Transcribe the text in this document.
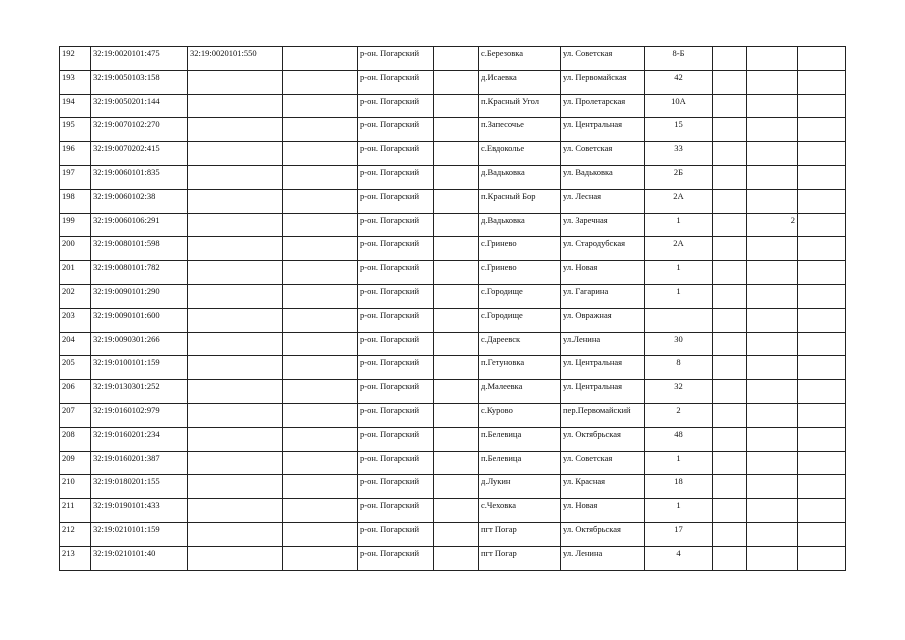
192	32:19:0020101:475	32:19:0020101:550		р-он. Погарский		с.Березовка	ул. Советская	8-Б			
193	32:19:0050103:158			р-он. Погарский		д.Исаевка	ул. Первомайская	42			
194	32:19:0050201:144			р-он. Погарский		п.Красный Угол	ул. Пролетарская	10А			
195	32:19:0070102:270			р-он. Погарский		п.Запесочье	ул. Центральная	15			
196	32:19:0070202:415			р-он. Погарский		с.Евдоколье	ул. Советская	33			
197	32:19:0060101:835			р-он. Погарский		д.Вадьковка	ул. Вадьковка	2Б			
198	32:19:0060102:38			р-он. Погарский		п.Красный Бор	ул. Лесная	2А			
199	32:19:0060106:291			р-он. Погарский		д.Вадьковка	ул. Заречная	1		2	
200	32:19:0080101:598			р-он. Погарский		с.Гринево	ул. Стародубская	2А			
201	32:19:0080101:782			р-он. Погарский		с.Гринево	ул. Новая	1			
202	32:19:0090101:290			р-он. Погарский		с.Городище	ул. Гагарина	1			
203	32:19:0090101:600			р-он. Погарский		с.Городище	ул. Овражная				
204	32:19:0090301:266			р-он. Погарский		с.Дареевск	ул.Ленина	30			
205	32:19:0100101:159			р-он. Погарский		п.Гетуновка	ул. Центральная	8			
206	32:19:0130301:252			р-он. Погарский		д.Малеевка	ул. Центральная	32			
207	32:19:0160102:979			р-он. Погарский		с.Курово	пер.Первомайский	2			
208	32:19:0160201:234			р-он. Погарский		п.Белевица	ул. Октябрьская	48			
209	32:19:0160201:387			р-он. Погарский		п.Белевица	ул. Советская	1			
210	32:19:0180201:155			р-он. Погарский		д.Лукин	ул. Красная	18			
211	32:19:0190101:433			р-он. Погарский		с.Чеховка	ул. Новая	1			
212	32:19:0210101:159			р-он. Погарский		пгт Погар	ул. Октябрьская	17			
213	32:19:0210101:40			р-он. Погарский		пгт Погар	ул. Ленина	4			
